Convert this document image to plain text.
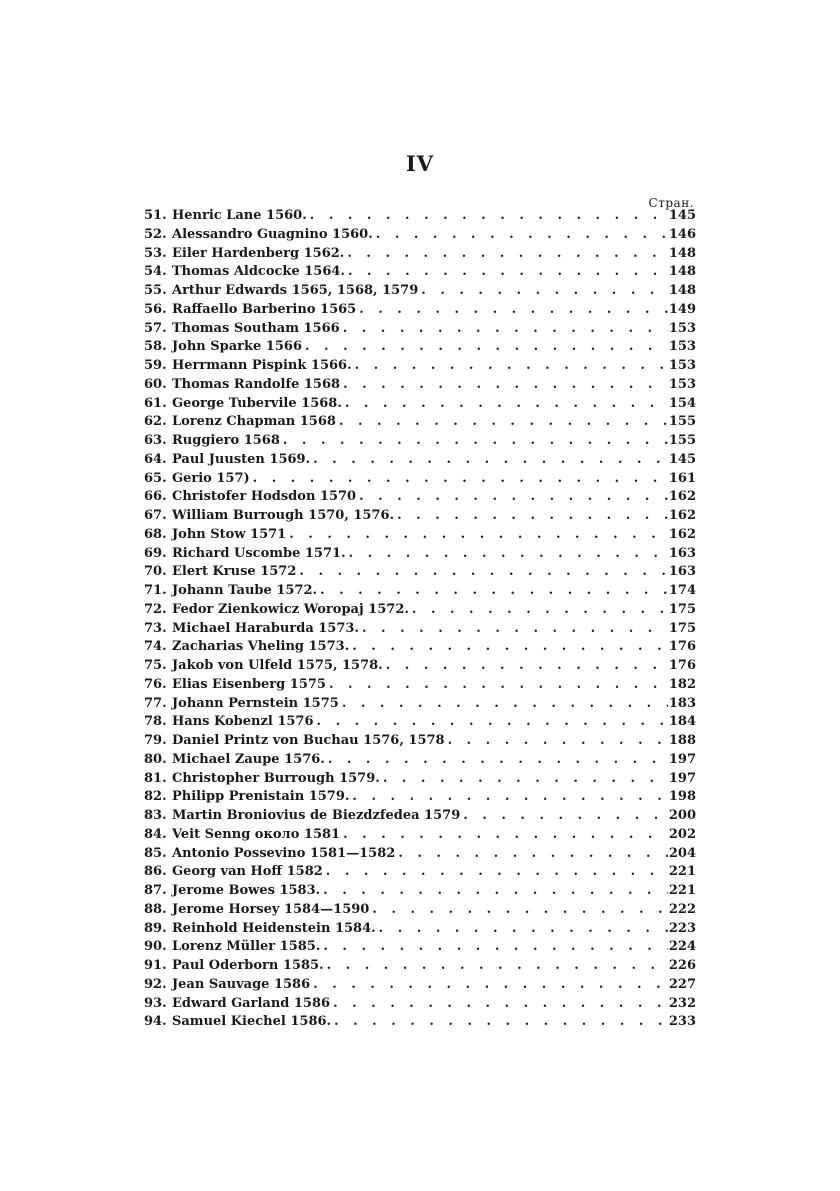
IV
Стран.
51. Henric Lane 1560. . . .	145
52. Alessandro Guagnino 1560. . . .	146
53. Eiler Hardenberg 1562. . . .	148
54. Thomas Aldcocke 1564. . . .	148
55. Arthur Edwards 1565, 1568, 1579 . . .	148
56. Raffaello Barberino 1565 . . .	149
57. Thomas Southam 1566 . . .	153
58. John Sparke 1566 . . .	153
59. Herrmann Pispink 1566. . . .	153
60. Thomas Randolfe 1568 . . .	153
61. George Tubervile 1568. . . .	154
62. Lorenz Chapman 1568 . . .	155
63. Ruggiero 1568 . . .	155
64. Paul Juusten 1569. . . .	145
65. Gerio 157) . . .	161
66. Christofer Hodsdon 1570 . . .	162
67. William Burrough 1570, 1576. . . .	162
68. John Stow 1571 . . .	162
69. Richard Uscombe 1571. . . .	163
70. Elert Kruse 1572 . . .	163
71. Johann Taube 1572. . . .	174
72. Fedor Zienkowicz Woropaj 1572. . . .	175
73. Michael Haraburda 1573. . . .	175
74. Zacharias Vheling 1573. . . .	176
75. Jakob von Ulfeld 1575, 1578. . . .	176
76. Elias Eisenberg 1575 . . .	182
77. Johann Pernstein 1575 . . .	183
78. Hans Kobenzl 1576 . . .	184
79. Daniel Printz von Buchau 1576, 1578 . . .	188
80. Michael Zaupe 1576. . . .	197
81. Christopher Burrough 1579. . . .	197
82. Philipp Prenistain 1579. . . .	198
83. Martin Broniovius de Biezdzfedea 1579 . . .	200
84. Veit Senng около 1581 . . .	202
85. Antonio Possevino 1581—1582 . . .	204
86. Georg van Hoff 1582 . . .	221
87. Jerome Bowes 1583. . . .	221
88. Jerome Horsey 1584—1590 . . .	222
89. Reinhold Heidenstein 1584. . . .	223
90. Lorenz Müller 1585. . . .	224
91. Paul Oderborn 1585. . . .	226
92. Jean Sauvage 1586 . . .	227
93. Edward Garland 1586 . . .	232
94. Samuel Kiechel 1586. . . .	233
